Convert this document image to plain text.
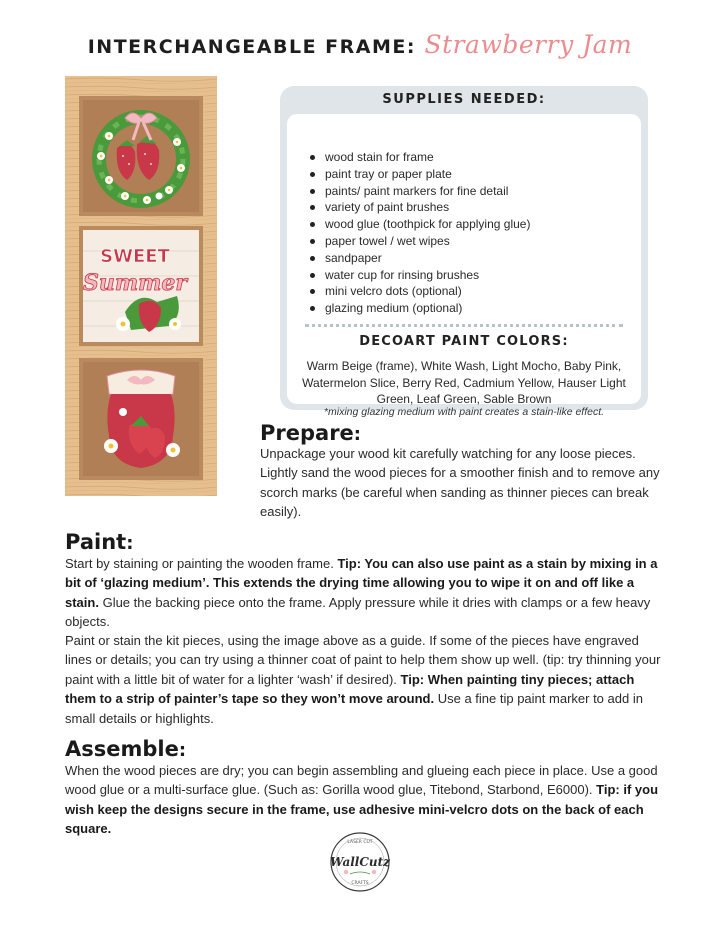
INTERCHANGEABLE FRAME: Strawberry Jam
SWEET
Summer
SUPPLIES NEEDED:
wood stain for frame
paint tray or paper plate
paints/ paint markers for fine detail
variety of paint brushes
wood glue (toothpick for applying glue)
paper towel / wet wipes
sandpaper
water cup for rinsing brushes
mini velcro dots (optional)
glazing medium (optional)
DECOART PAINT COLORS:
Warm Beige (frame), White Wash, Light Mocho, Baby Pink,
Watermelon Slice, Berry Red, Cadmium Yellow, Hauser Light
Green, Leaf Green, Sable Brown
*mixing glazing medium with paint creates a stain-like effect.
Prepare:

Unpackage your wood kit carefully watching for any loose pieces. Lightly sand the wood pieces for a smoother finish and to remove any scorch marks (be careful when sanding as thinner pieces can break easily).

Paint:

Start by staining or painting the wooden frame. Tip: You can also use paint as a stain by mixing in a bit of ‘glazing medium’. This extends the drying time allowing you to wipe it on and off like a stain. Glue the backing piece onto the frame. Apply pressure while it dries with clamps or a few heavy objects.

Paint or stain the kit pieces, using the image above as a guide. If some of the pieces have engraved lines or details; you can try using a thinner coat of paint to help them show up well. (tip: try thinning your paint with a little bit of water for a lighter ‘wash’ if desired). Tip: When painting tiny pieces; attach them to a strip of painter’s tape so they won’t move around. Use a fine tip paint marker to add in small details or highlights.

Assemble:

When the wood pieces are dry; you can begin assembling and glueing each piece in place. Use a good wood glue or a multi-surface glue. (Such as: Gorilla wood glue, Titebond, Starbond, E6000). Tip: if you wish keep the designs secure in the frame, use adhesive mini-velcro dots on the back of each square.

LASER CUT
WallCutz
CRAFTS
